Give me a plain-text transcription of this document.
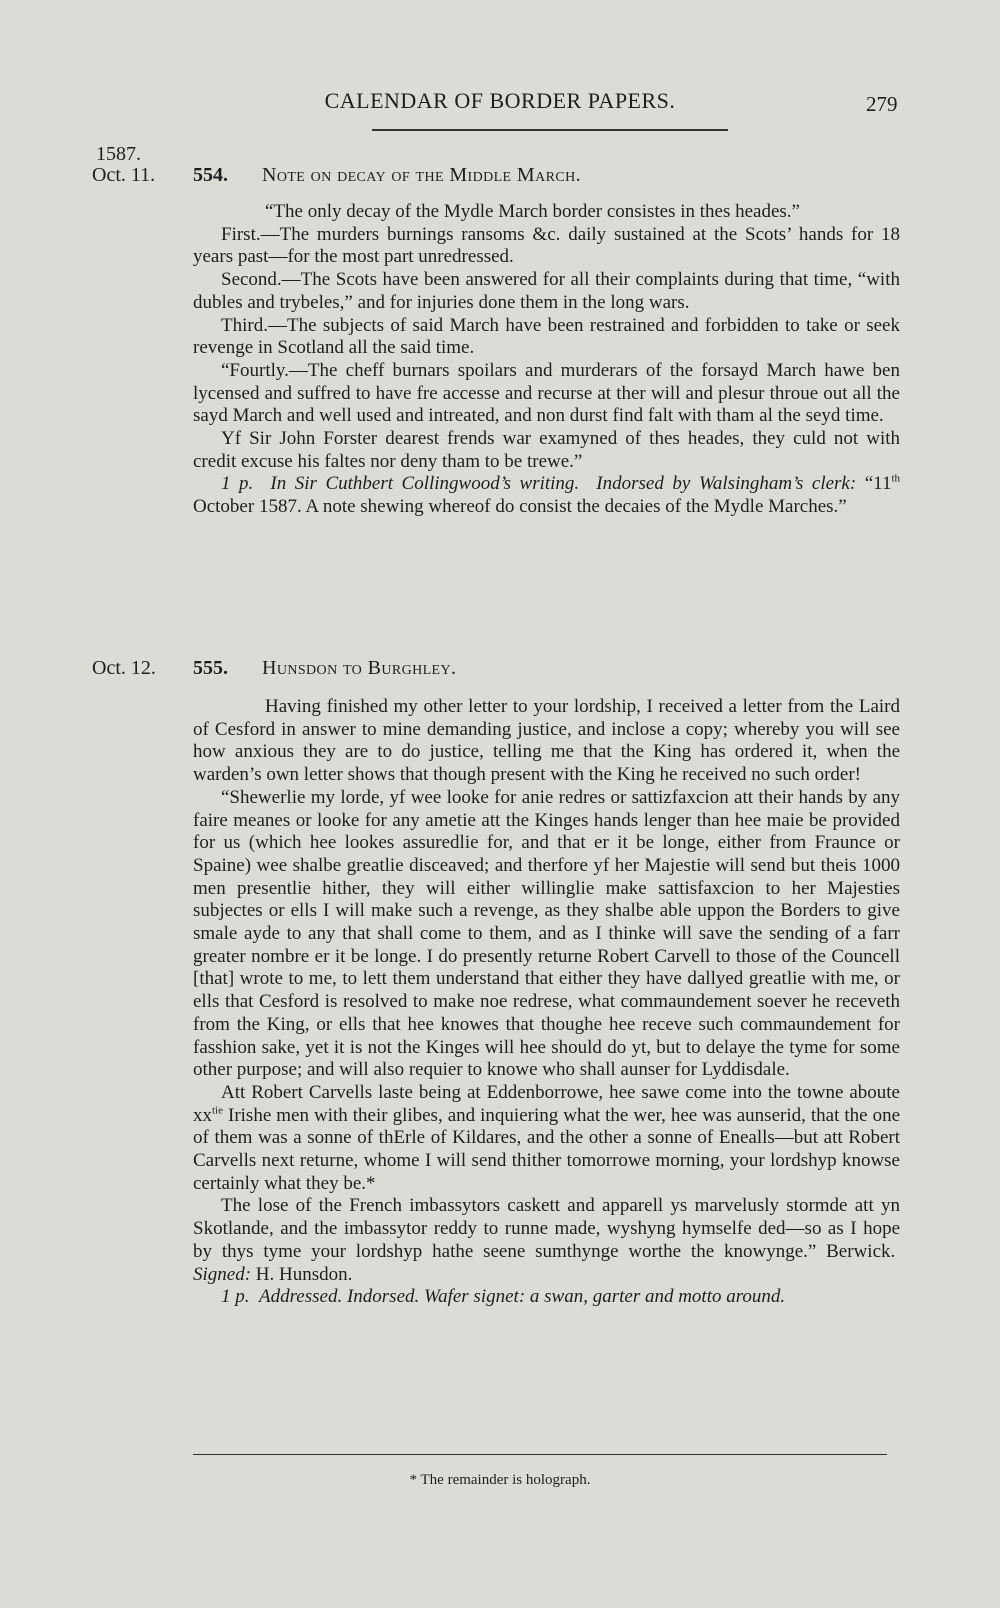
CALENDAR OF BORDER PAPERS.	279
1587.
Oct. 11. 554. Note on decay of the Middle March.

“The only decay of the Mydle March border consistes in thes heades.”

First.—The murders burnings ransoms &c. daily sustained at the Scots’ hands for 18 years past—for the most part unredressed.

Second.—The Scots have been answered for all their complaints during that time, “with dubles and trybeles,” and for injuries done them in the long wars.

Third.—The subjects of said March have been restrained and forbidden to take or seek revenge in Scotland all the said time.

“Fourtly.—The cheff burnars spoilars and murderars of the forsayd March hawe ben lycensed and suffred to have fre accesse and recurse at ther will and plesur throue out all the sayd March and well used and intreated, and non durst find falt with tham al the seyd time.

Yf Sir John Forster dearest frends war examyned of thes heades, they culd not with credit excuse his faltes nor deny tham to be trewe.”

1 p. In Sir Cuthbert Collingwood’s writing. Indorsed by Walsingham’s clerk: “11th October 1587. A note shewing whereof do consist the decaies of the Mydle Marches.”

Oct. 12. 555. Hunsdon to Burghley.

Having finished my other letter to your lordship, I received a letter from the Laird of Cesford in answer to mine demanding justice, and inclose a copy; whereby you will see how anxious they are to do justice, telling me that the King has ordered it, when the warden’s own letter shows that though present with the King he received no such order!

“Shewerlie my lorde, yf wee looke for anie redres or sattizfaxcion att their hands by any faire meanes or looke for any ametie att the Kinges hands lenger than hee maie be provided for us (which hee lookes assuredlie for, and that er it be longe, either from Fraunce or Spaine) wee shalbe greatlie disceaved; and therfore yf her Majestie will send but theis 1000 men presentlie hither, they will either willinglie make sattisfaxcion to her Majesties subjectes or ells I will make such a revenge, as they shalbe able uppon the Borders to give smale ayde to any that shall come to them, and as I thinke will save the sending of a farr greater nombre er it be longe. I do presently returne Robert Carvell to those of the Councell [that] wrote to me, to lett them understand that either they have dallyed greatlie with me, or ells that Cesford is resolved to make noe redrese, what commaundement soever he receveth from the King, or ells that hee knowes that thoughe hee receve such commaundement for fasshion sake, yet it is not the Kinges will hee should do yt, but to delaye the tyme for some other purpose; and will also requier to knowe who shall aunser for Lyddisdale.

Att Robert Carvells laste being at Eddenborrowe, hee sawe come into the towne aboute $xx^{tie}$ Irishe men with their glibes, and inquiering what the wer, hee was aunserid, that the one of them was a sonne of thErle of Kildares, and the other a sonne of Enealls—but att Robert Carvells next returne, whome I will send thither tomorrowe morning, your lordshyp knowse certainly what they be.*

The lose of the French imbassytors caskett and apparell ys marvelusly stormde att yn Skotlande, and the imbassytor reddy to runne made, wyshyng hymselfe ded—so as I hope by thys tyme your lordshyp hathe seene sumthynge worthe the knowynge.” Berwick.  Signed: H. Hunsdon.

1 p. Addressed. Indorsed. Wafer signet: a swan, garter and motto around.

* The remainder is holograph.
